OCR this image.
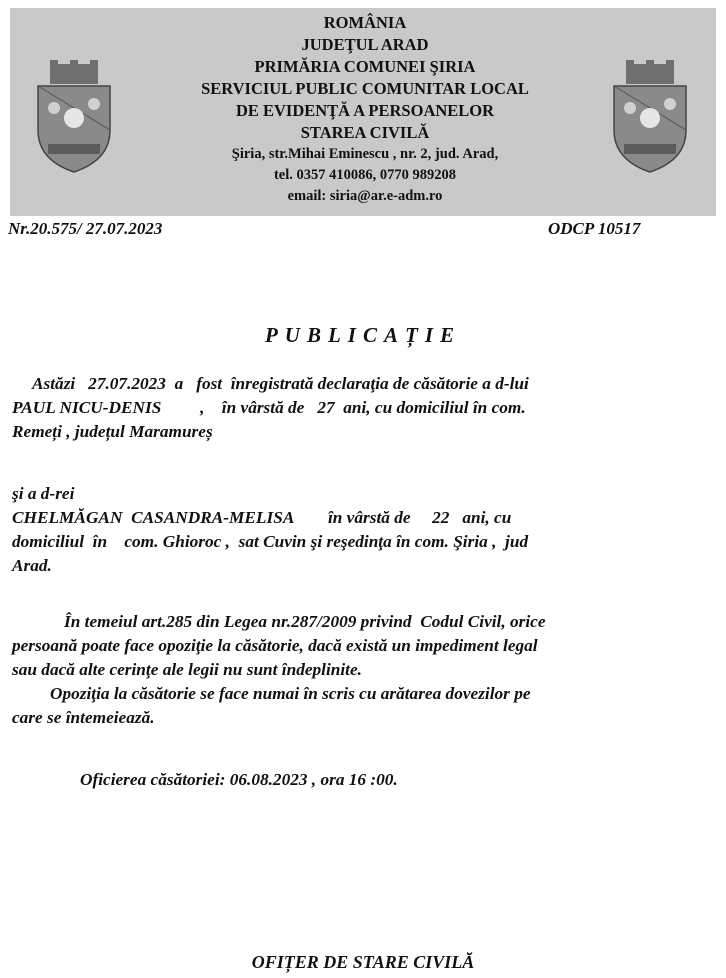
ROMÂNIA
JUDEŢUL ARAD
PRIMĂRIA COMUNEI ŞIRIA
SERVICIUL PUBLIC COMUNITAR LOCAL
DE EVIDENŢĂ A PERSOANELOR
STAREA CIVILĂ
Şiria, str.Mihai Eminescu , nr. 2, jud. Arad,
tel. 0357 410086, 0770 989208
email: siria@ar.e-adm.ro
Nr.20.575/ 27.07.2023	ODCP 10517
PUBLICAȚIE
Astăzi   27.07.2023  a   fost  înregistrată declaraţia de căsătorie a d-lui
PAUL NICU-DENIS         ,    în vârstă de   27  ani, cu domiciliul în com.
Remeți , județul Maramureș
şi a d-rei
CHELMĂGAN  CASANDRA-MELISA        în vârstă de     22   ani, cu
domiciliul  în    com. Ghioroc ,  sat Cuvin şi reşedinţa în com. Şiria ,  jud
Arad.
În temeiul art.285 din Legea nr.287/2009 privind  Codul Civil, orice
persoană poate face opoziţie la căsătorie, dacă există un impediment legal
sau dacă alte cerinţe ale legii nu sunt îndeplinite.
Opoziţia la căsătorie se face numai în scris cu arătarea dovezilor pe
care se întemeiează.
Oficierea căsătoriei: 06.08.2023 , ora 16 :00.
OFIȚER DE STARE CIVILĂ
